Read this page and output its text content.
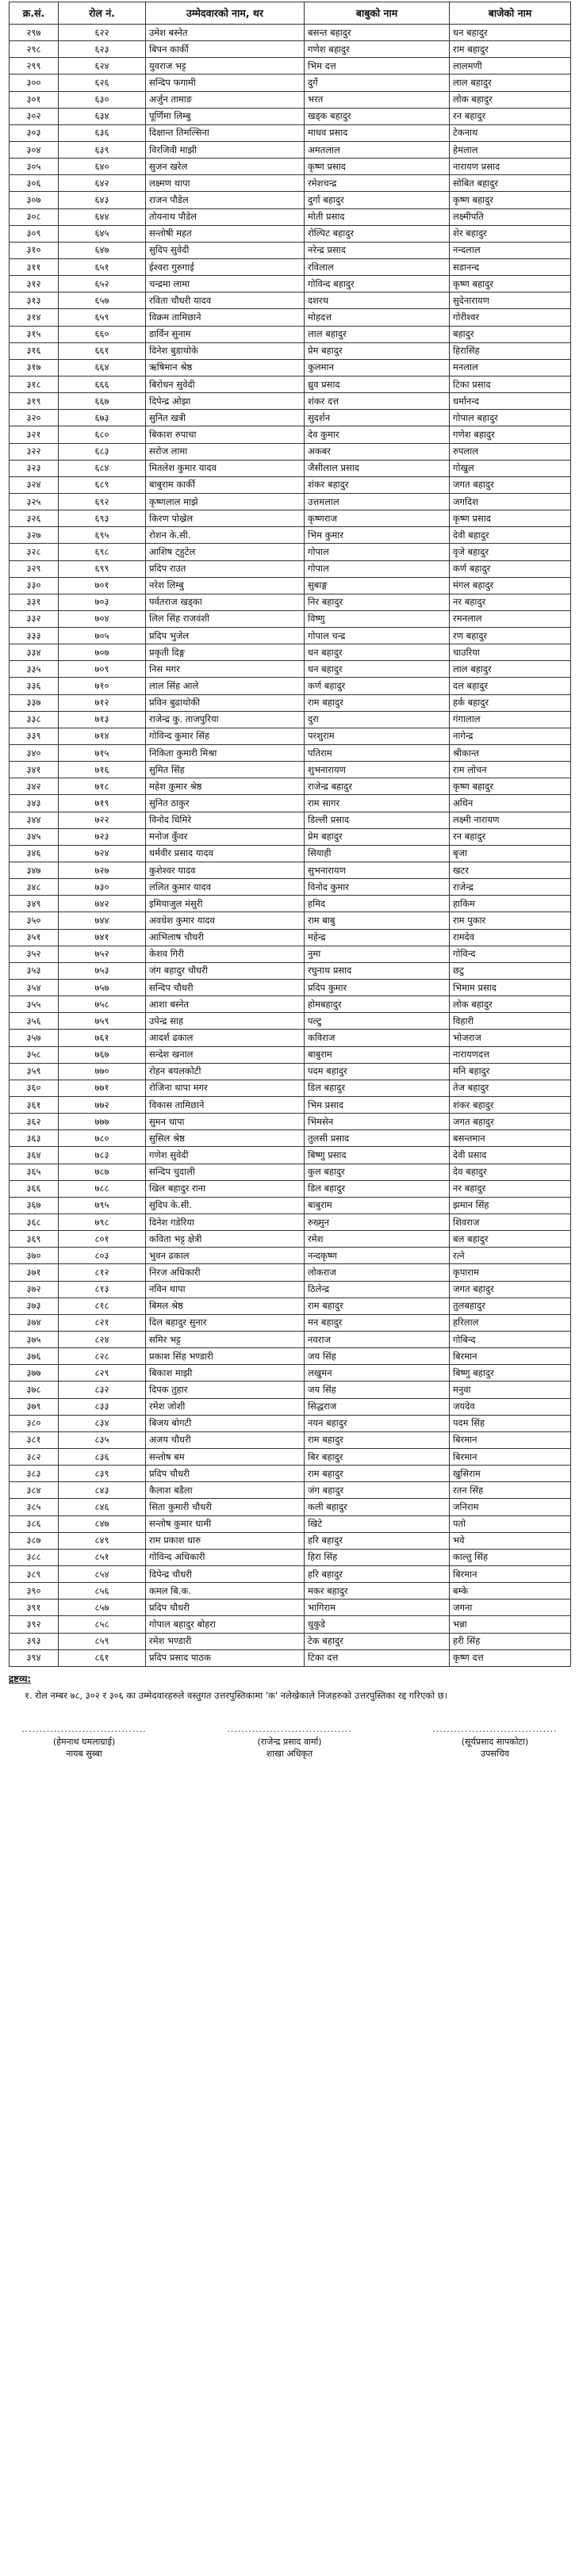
क्र.सं.	रोल नं.	उम्मेदवारको नाम, थर	बाबुको नाम	बाजेको नाम
२९७	६२२	उमेश बस्नेत	बसन्त बहादुर	धन बहादुर
२९८	६२३	बिपन कार्की	गणेश बहादुर	राम बहादुर
२९९	६२४	युवराज भट्ट	भिम दत्त	लालमणी
३००	६२६	सन्दिप फगामी	दुर्गे	लाल बहादुर
३०१	६३०	अर्जुन तामाङ	भरत	लोक बहादुर
३०२	६३४	पूर्णिमा लिम्बु	खड्क बहादुर	रन बहादुर
३०३	६३६	दिक्षान्त तिमल्सिना	माधव प्रसाद	टेकनाथ
३०४	६३९	विरजिवी माझी	अमतलाल	हेमलाल
३०५	६४०	सुजन खरेल	कृष्ण प्रसाद	नारायण प्रसाद
३०६	६४२	लक्ष्मण थापा	रमेशचन्द्र	सोबित बहादुर
३०७	६४३	राजन पौडेल	दुर्गा बहादुर	कृष्ण बहादुर
३०८	६४४	तोयनाथ पौडेल	मोती प्रसाद	लक्ष्मीपति
३०९	६४५	सन्तोषी महत	रोल्पिट बहादुर	शेर बहादुर
३१०	६४७	सुदिप सुवेदी	नरेन्द्र प्रसाद	नन्दलाल
३११	६५१	ईश्वरा गुरुगाई	रविलाल	सडानन्द
३१२	६५२	चन्द्रमा लामा	गोविन्द बहादुर	कृष्ण बहादुर
३१३	६५७	रविता चौधरी यादव	दशरथ	सुदेनारायण
३१४	६५९	विक्रम तामिछाने	मोहदत्त	गोरीश्वर
३१५	६६०	डार्विन सुनाम	लाल बहादुर	बहादुर
३१६	६६१	दिनेश बुडाथोके	प्रेम बहादुर	हिरासिंह
३१७	६६४	ऋषिमान श्रेष्ठ	कुलमान	मनलाल
३१८	६६६	बिरोधन सुवेदी	ध्रुव प्रसाद	टिका प्रसाद
३१९	६६७	दिपेन्द्र ओझा	शंकर दत्त	धर्मानन्द
३२०	६७३	सुनित खत्री	सुदर्शन	गोपाल बहादुर
३२१	६८०	बिकाश रुपाचा	देव कुमार	गणेश बहादुर
३२२	६८३	सरोज लामा	अकबर	रुपलाल
३२३	६८४	मितलेश कुमार यादव	जैसीलाल प्रसाद	गोखुल
३२४	६८९	बाबुराम कार्की	शंकर बहादुर	जगत बहादुर
३२५	६९२	कृष्णलाल माझे	उत्तमलाल	जगदिश
३२६	६९३	किरण पोख्रेल	कृष्णराज	कृष्ण प्रसाद
३२७	६९५	रोशन के.सी.	भिम कुमार	देवी बहादुर
३२८	६९८	आशिष ट्हुटेल	गोपाल	वृजे बहादुर
३२९	६९९	प्रदिप राउत	गोपाल	कर्ण बहादुर
३३०	७०१	नरेश लिम्बु	सुबाङ्ग	मंगल बहादुर
३३१	७०३	पर्वतराज खड्का	निर बहादुर	नर बहादुर
३३२	७०४	लिल सिंह राजवंशी	विष्णु	रमनलाल
३३३	७०५	प्रदिप भुजेल	गोपाल चन्द्र	रण बहादुर
३३४	७०७	प्रकृती दिङ्ग	धन बहादुर	चाउरिया
३३५	७०९	निस मगर	धन बहादुर	लाल बहादुर
३३६	७१०	लाल सिंह आले	कर्ण बहादुर	दल बहादुर
३३७	७१२	प्रविन बुढाथोकी	राम बहादुर	हर्क बहादुर
३३८	७१३	राजेन्द्र कु. ताजपुरिया	दुरा	गंगालाल
३३९	७१४	गोविन्द कुमार सिंह	परशुराम	नागेन्द्र
३४०	७१५	निकिता कुमारी मिश्रा	पतिराम	श्रीकान्त
३४१	७१६	सुमित सिंह	शुभनारायण	राम लोचन
३४२	७१८	महेश कुमार श्रेष्ठ	राजेन्द्र बहादुर	कृष्ण बहादुर
३४३	७१९	सुनित ठाकुर	राम सागर	अधिन
३४४	७२२	विनोद धिमिरे	डिल्ली प्रसाद	लक्ष्मी नारायण
३४५	७२३	मनोज कुँवर	प्रेम बहादुर	रन बहादुर
३४६	७२४	धर्मवीर प्रसाद यादव	सियाही	बृजा
३४७	७२७	कुशेश्वर यादव	सुभनारायण	खटर
३४८	७३०	ललित कुमार यादव	विनोद कुमार	राजेन्द्र
३४९	७४२	इमियाजुल मंसुरी	हमिद	हाकिम
३५०	७४४	अवधेश कुमार यादव	राम बाबु	राम पुकार
३५१	७४१	आभिलाष चौधरी	महेन्द्र	रामदेव
३५२	७५२	केशव गिरी	नुमा	गोविन्द
३५३	७५३	जंग बहादुर चौधरी	रघुनाथ प्रसाद	छटु
३५४	७५७	सन्दिप चौधरी	प्रदिप कुमार	भिमाम प्रसाद
३५५	७५८	आशा बस्नेत	होमबहादुर	लोक बहादुर
३५६	७५९	उपेन्द्र साह	पल्टु	विहारी
३५७	७६१	आदर्श ढकाल	कविराज	भोजराज
३५८	७६७	सन्देश खनाल	बाबुराम	नारायणदत्त
३५९	७७०	रोहन बयलकोटी	पदम बहादुर	मनि बहादुर
३६०	७७१	रोजिना थापा मगर	डिल बहादुर	तेज बहादुर
३६१	७७२	विकास तामिछाने	भिम प्रसाद	शंकर बहादुर
३६२	७७७	सुमन थापा	भिमसेन	जगत बहादुर
३६३	७८०	सुसिल श्रेष्ठ	तुलसी प्रसाद	बसन्तमान
३६४	७८३	गणेश सुवेदी	बिष्णु प्रसाद	देवी प्रसाद
३६५	७८७	सन्दिप चुदाली	कुल बहादुर	देव बहादुर
३६६	७८८	खिल बहादुर राना	डिल बहादुर	नर बहादुर
३६७	७९५	सुदिप के.सी.	बाबुराम	झमान सिंह
३६८	७९८	दिनेश गडेरिया	रुख्मुन	शिवराज
३६९	८०१	कविता भट्ट क्षेत्री	रमेश	बल बहादुर
३७०	८०३	भुवन ढकाल	नन्दकृष्ण	रत्ने
३७१	८१२	निरज अधिकारी	लोकराज	कृपाराम
३७२	८१३	नविन थापा	ठिलेन्द्र	जगत बहादुर
३७३	८१८	बिमल श्रेष्ठ	राम बहादुर	तुलबहादुर
३७४	८२१	दिल बहादुर सुनार	मन बहादुर	हरिलाल
३७५	८२४	समिर भट्ट	नवराज	गोबिन्द
३७६	८२८	प्रकाश सिंह भण्डारी	जय सिंह	बिरमान
३७७	८२९	बिकाश माझी	लखुमन	बिष्णु बहादुर
३७८	८३२	दिपक तुहार	जय सिंह	मनुवा
३७९	८३३	रमेश जोशी	सिद्धराज	जयदेव
३८०	८३४	बिजय बोगटी	नयन बहादुर	पदम सिंह
३८१	८३५	अजय चौधरी	राम बहादुर	बिरमान
३८२	८३६	सन्तोष बम	बिर बहादुर	बिरमान
३८३	८३९	प्रदिप चौधरी	राम बहादुर	खुसिराम
३८४	८४३	कैलाश बडैला	जंग बहादुर	रतन सिंह
३८५	८४६	सिता कुमारी चौधरी	कली बहादुर	जनिराम
३८६	८४७	सन्तोष कुमार धामी	खिटे	पतो
३८७	८४९	राम प्रकाश धारु	हरि बहादुर	भवे
३८८	८५१	गोविन्द अधिकारी	हिरा सिंह	काल्तु सिंह
३८९	८५४	दिपेन्द्र चौधरी	हरि बहादुर	बिरमान
३९०	८५६	कमल बि.क.	मकर बहादुर	बम्के
३९१	८५७	प्रदिप चौधरी	भागिराम	जगना
३९२	८५८	गोपाल बहादुर बोहरा	धुकुडे	भन्ना
३९३	८५९	रमेश भण्डारी	टेक बहादुर	हरी सिंह
३९४	८६१	प्रदिप प्रसाद पाठक	टिका दत्त	कृष्ण दत्त
द्रष्टव्य:
१. रोल नम्बर ७८, ३०२ र ३०६ का उम्मेदवारहरुले वस्तुगत उत्तरपुस्तिकामा 'क' नलेखेकाले निजहरुको उत्तरपुस्तिका रद्द गरिएको छ।
...................................
(हेमनाथ घमलाग्राई)
नायब सुब्बा
...................................
(राजेन्द्र प्रसाद वार्मा)
शाखा अधिकृत
...................................
(सूर्यप्रसाद सापकोटा)
उपसचिव
